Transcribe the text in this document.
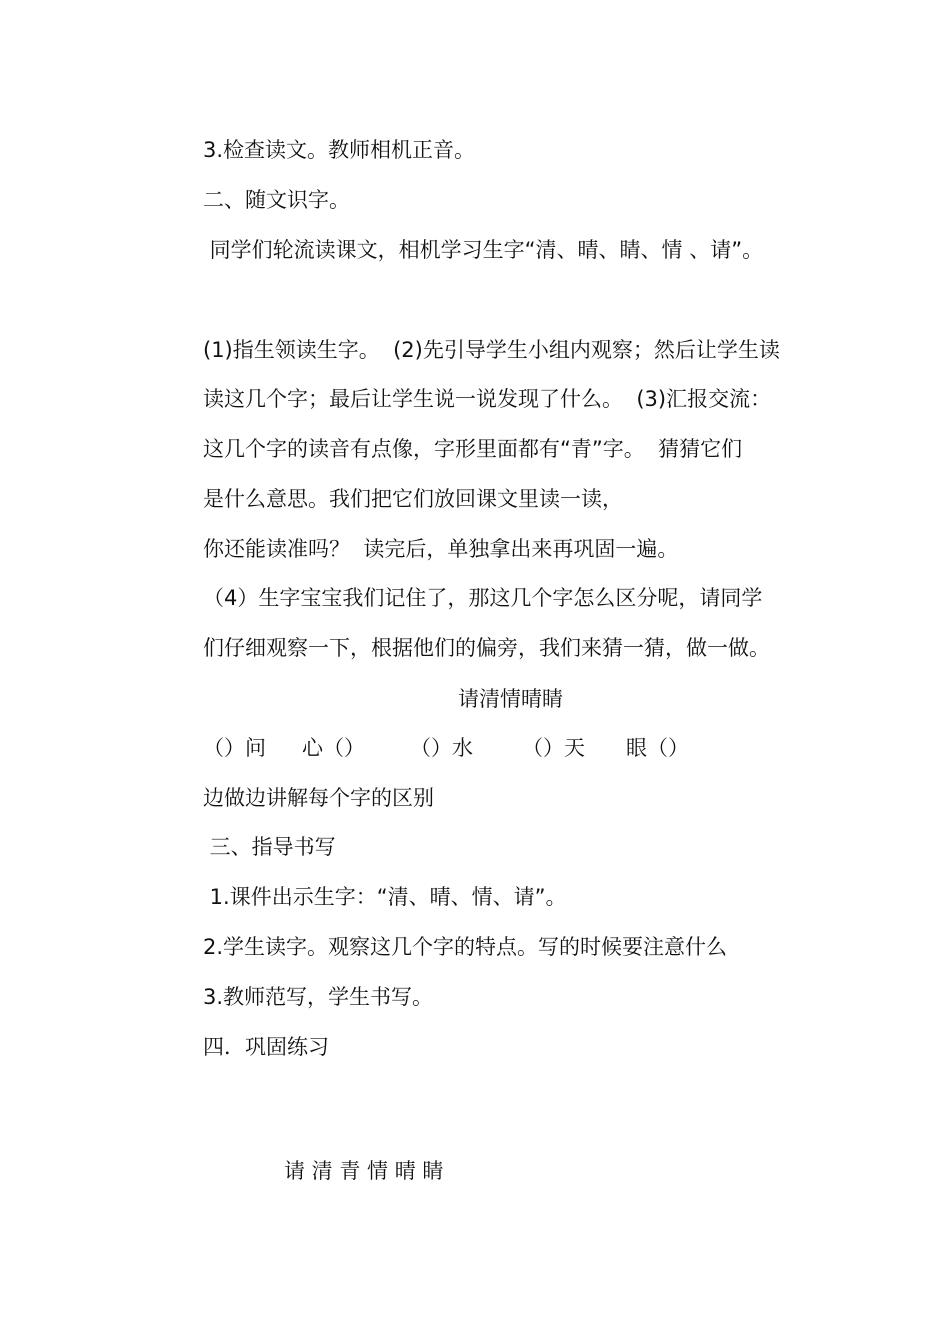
3.检查读文。教师相机正音。
二、随文识字。
同学们轮流读课文，相机学习生字“清、晴、睛、情 、请”。
(1)指生领读生字。  (2)先引导学生小组内观察；然后让学生读
读这几个字；最后让学生说一说发现了什么。  (3)汇报交流：
这几个字的读音有点像，字形里面都有“青”字。  猜猜它们
是什么意思。我们把它们放回课文里读一读，
你还能读准吗？  读完后，单独拿出来再巩固一遍。
（4）生字宝宝我们记住了，那这几个字怎么区分呢，请同学
们仔细观察一下，根据他们的偏旁，我们来猜一猜，做一做。
请清情晴睛
（）问 心（） （）水 （）天 眼（）
边做边讲解每个字的区别
三、指导书写
1.课件出示生字：“清、晴、情、请”。
2.学生读字。观察这几个字的特点。写的时候要注意什么
3.教师范写，学生书写。
四．巩固练习
请 清 青 情 晴 睛
